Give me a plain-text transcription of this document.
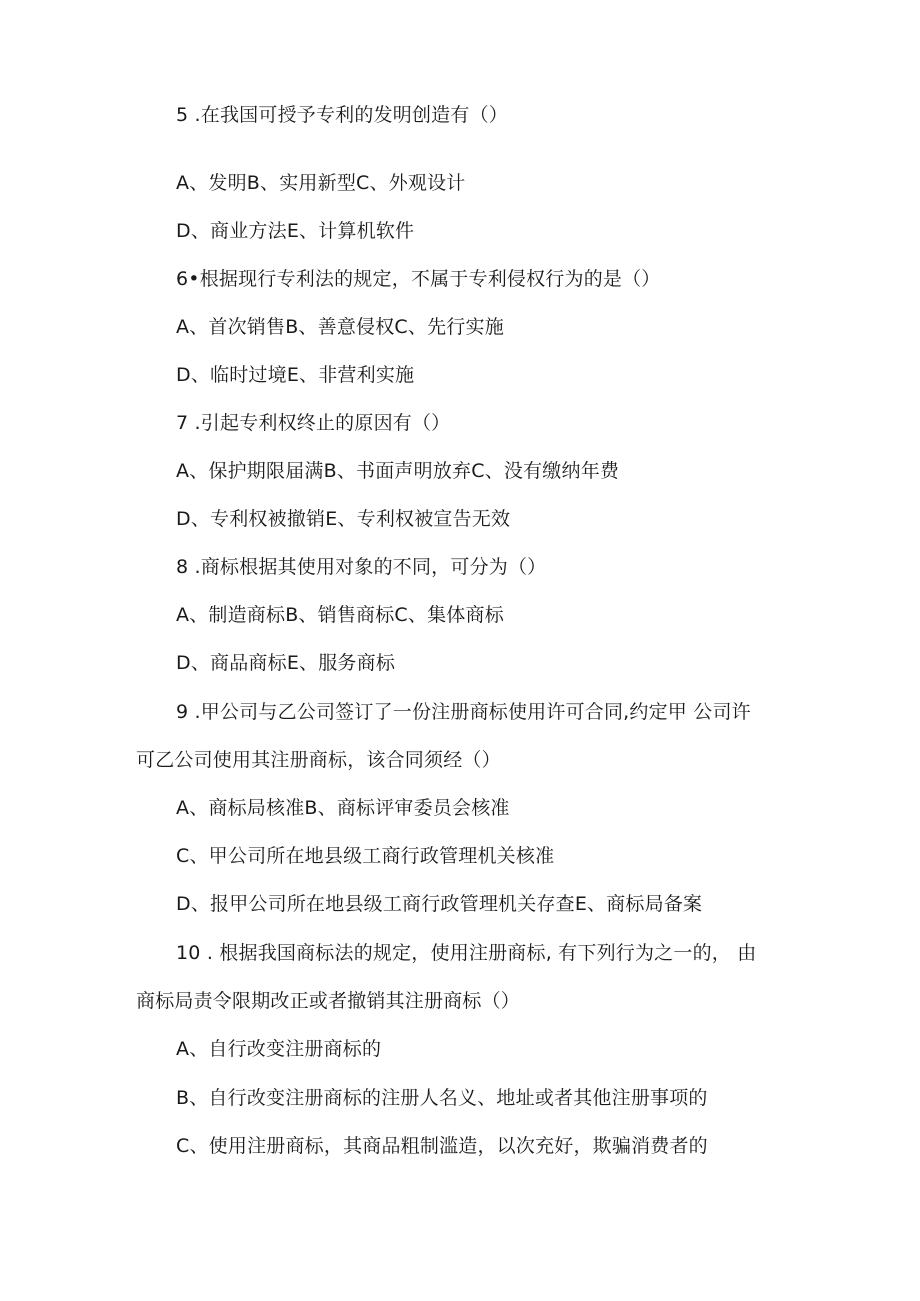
5 .在我国可授予专利的发明创造有（）
A、发明B、实用新型C、外观设计
D、商业方法E、计算机软件
6•根据现行专利法的规定，不属于专利侵权行为的是（）
A、首次销售B、善意侵权C、先行实施
D、临时过境E、非营利实施
7 .引起专利权终止的原因有（）
A、保护期限届满B、书面声明放弃C、没有缴纳年费
D、专利权被撤销E、专利权被宣告无效
8 .商标根据其使用对象的不同，可分为（）
A、制造商标B、销售商标C、集体商标
D、商品商标E、服务商标
9 .甲公司与乙公司签订了一份注册商标使用许可合同,约定甲 公司许
可乙公司使用其注册商标，该合同须经（）
A、商标局核准B、商标评审委员会核准
C、甲公司所在地县级工商行政管理机关核准
D、报甲公司所在地县级工商行政管理机关存查E、商标局备案
10 . 根据我国商标法的规定，使用注册商标, 有下列行为之一的， 由
商标局责令限期改正或者撤销其注册商标（）
A、自行改变注册商标的
B、自行改变注册商标的注册人名义、地址或者其他注册事项的
C、使用注册商标，其商品粗制滥造，以次充好，欺骗消费者的
